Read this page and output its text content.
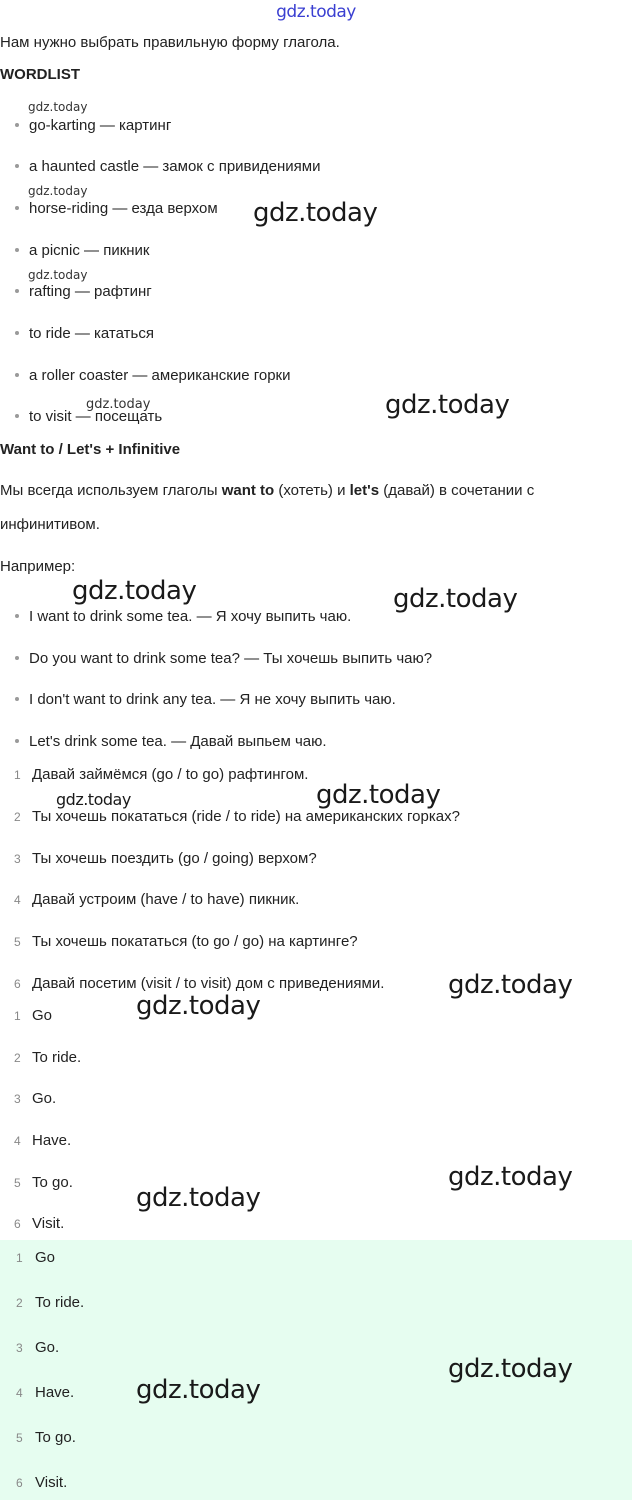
gdz.today

Нам нужно выбрать правильную форму глагола.

WORDLIST

go-karting — картинг
a haunted castle — замок с привидениями
horse-riding — езда верхом
a picnic — пикник
rafting — рафтинг
to ride — кататься
a roller coaster — американские горки
to visit — посещать

Want to / Let's + Infinitive

Мы всегда используем глаголы want to (хотеть) и let's (давай) в сочетании с

инфинитивом.

Например:

I want to drink some tea. — Я хочу выпить чаю.
Do you want to drink some tea? — Ты хочешь выпить чаю?
I don't want to drink any tea. — Я не хочу выпить чаю.
Let's drink some tea. — Давай выпьем чаю.
1 Давай займёмся (go / to go) рафтингом.
2 Ты хочешь покататься (ride / to ride) на американских горках?
3 Ты хочешь поездить (go / going) верхом?
4 Давай устроим (have / to have) пикник.
5 Ты хочешь покататься (to go / go) на картинге?
6 Давай посетим (visit / to visit) дом с приведениями.
1 Go
2 To ride.
3 Go.
4 Have.
5 To go.
6 Visit.
1 Go
2 To ride.
3 Go.
4 Have.
5 To go.
6 Visit.
gdz.today
gdz.today
gdz.today
gdz.today
gdz.today
gdz.today
gdz.today	gdz.today
gdz.today	gdz.today
gdz.today
gdz.today
gdz.today
gdz.today
gdz.today
gdz.today
